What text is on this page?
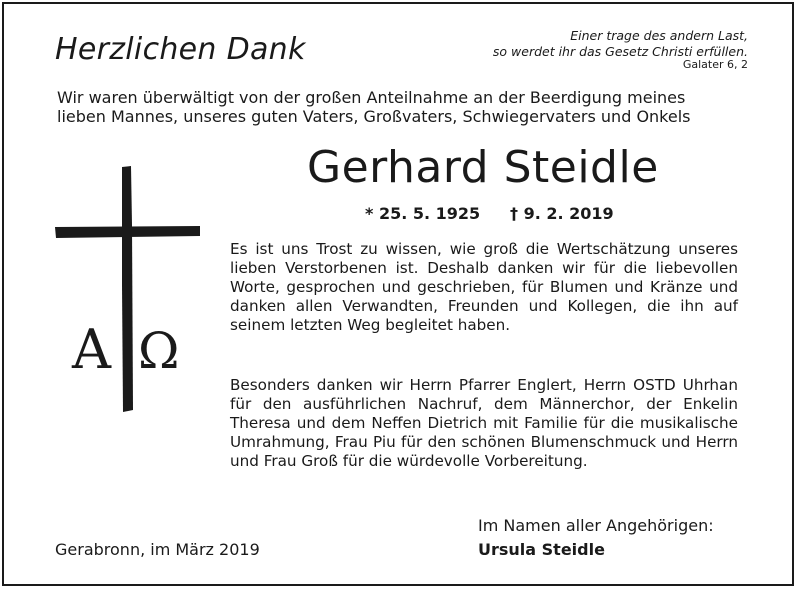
Herzlichen Dank	Einer trage des andern Last,
so werdet ihr das Gesetz Christi erfüllen.
Galater 6, 2
Wir waren überwältigt von der großen Anteilnahme an der Beerdigung meines
lieben Mannes, unseres guten Vaters, Großvaters, Schwiegervaters und Onkels
Gerhard Steidle
* 25. 5. 1925 † 9. 2. 2019
A Ω
Es ist uns Trost zu wissen, wie groß die Wertschätzung unseres lieben Verstorbenen ist. Deshalb danken wir für die liebevollen Worte, gesprochen und geschrieben, für Blumen und Kränze und danken allen Verwandten, Freunden und Kollegen, die ihn auf seinem letzten Weg begleitet haben.
Besonders danken wir Herrn Pfarrer Englert, Herrn OSTD Uhrhan für den ausführlichen Nachruf, dem Männerchor, der Enkelin Theresa und dem Neffen Dietrich mit Familie für die musikalische Umrahmung, Frau Piu für den schönen Blumenschmuck und Herrn und Frau Groß für die würdevolle Vorbereitung.
Gerabronn, im März 2019
Im Namen aller Angehörigen:
Ursula Steidle
